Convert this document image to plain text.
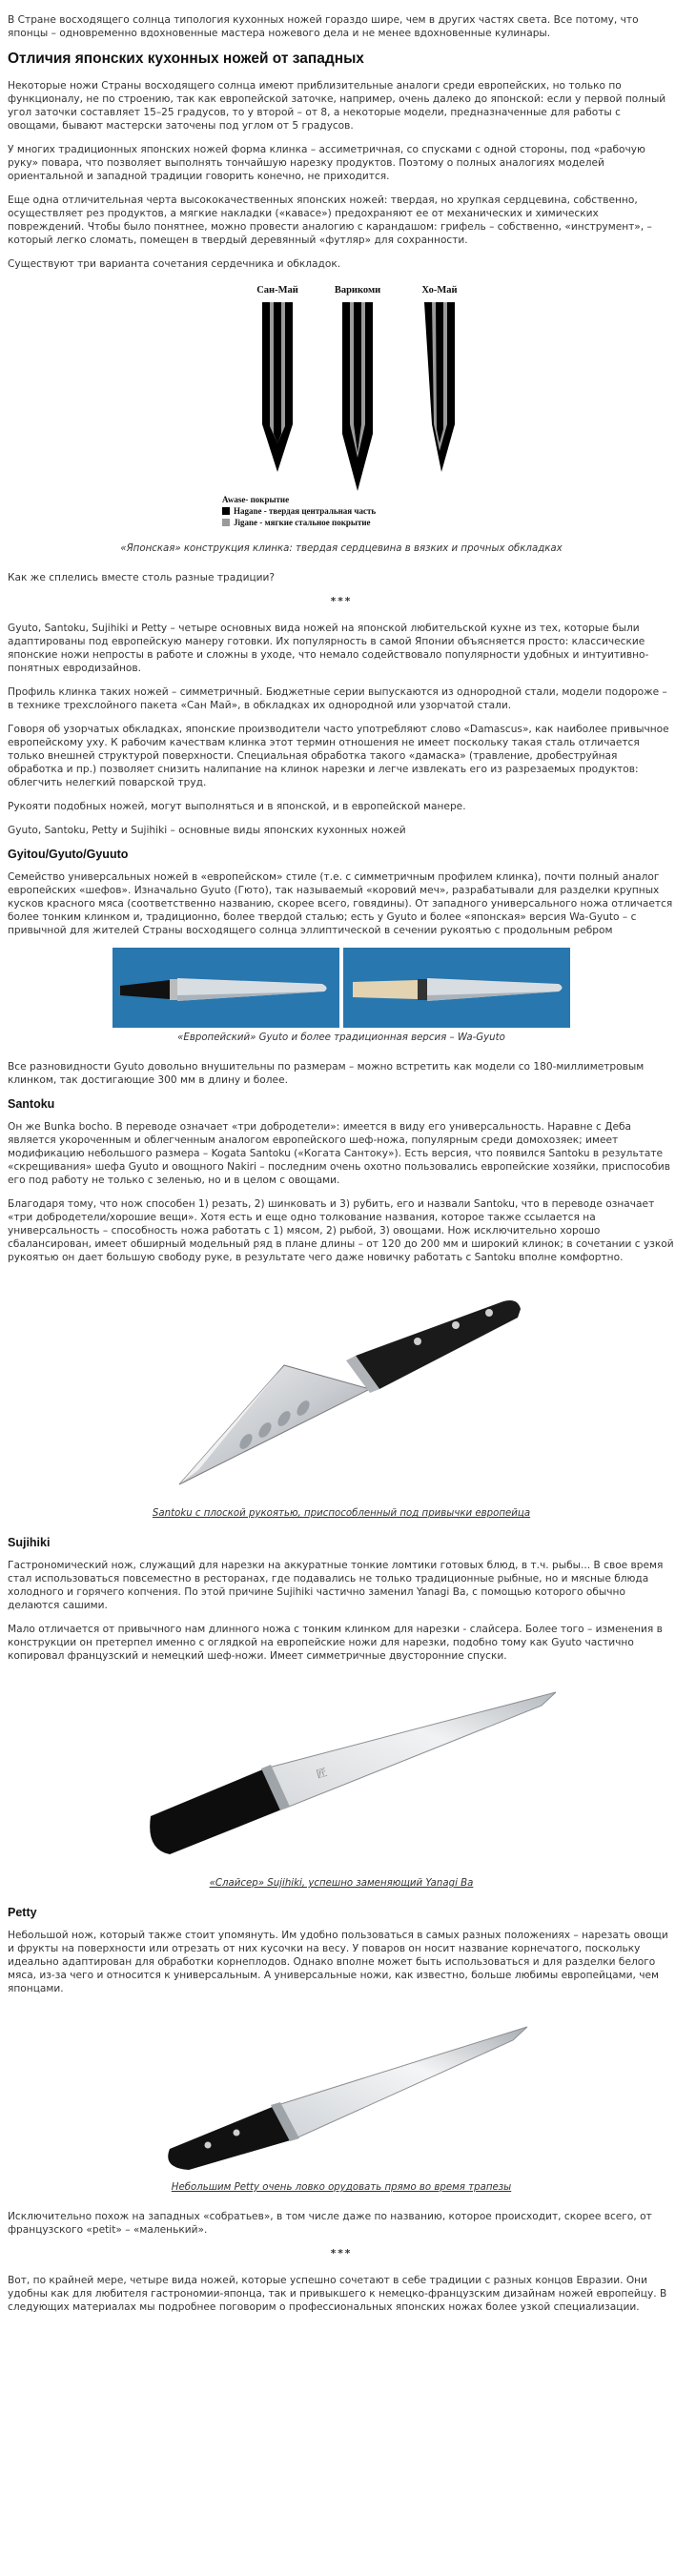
В Стране восходящего солнца типология кухонных ножей гораздо шире, чем в других частях света. Все потому, что японцы – одновременно вдохновенные мастера ножевого дела и не менее вдохновенные кулинары.

Отличия японских кухонных ножей от западных

Некоторые ножи Страны восходящего солнца имеют приблизительные аналоги среди европейских, но только по функционалу, не по строению, так как европейской заточке, например, очень далеко до японской: если у первой полный угол заточки составляет 15–25 градусов, то у второй – от 8, а некоторые модели, предназначенные для работы с овощами, бывают мастерски заточены под углом от 5 градусов.

У многих традиционных японских ножей форма клинка – ассиметричная, со спусками с одной стороны, под «рабочую руку» повара, что позволяет выполнять тончайшую нарезку продуктов. Поэтому о полных аналогиях моделей ориентальной и западной традиции говорить конечно, не приходится.

Еще одна отличительная черта высококачественных японских ножей: твердая, но хрупкая сердцевина, собственно, осуществляет рез продуктов, а мягкие накладки («кавасе») предохраняют ее от механических и химических повреждений. Чтобы было понятнее, можно провести аналогию с карандашом: грифель – собственно, «инструмент», – который легко сломать, помещен в твердый деревянный «футляр» для сохранности.

Существуют три варианта сочетания сердечника и обкладок.

Сан-Май	Варикоми	Хо-Май
Awase- покрытие
Hagane - твердая центральная часть
Jigane - мягкие стальное покрытие
«Японская» конструкция клинка: твердая сердцевина в вязких и прочных обкладках

Как же сплелись вместе столь разные традиции?

***

Gyuto, Santoku, Sujihiki и Petty – четыре основных вида ножей на японской любительской кухне из тех, которые были адаптированы под европейскую манеру готовки. Их популярность в самой Японии объясняется просто: классические японские ножи непросты в работе и сложны в уходе, что немало содействовало популярности удобных и интуитивно-понятных евродизайнов.

Профиль клинка таких ножей – симметричный. Бюджетные серии выпускаются из однородной стали, модели подороже – в технике трехслойного пакета «Сан Май», в обкладках их однородной или узорчатой стали.

Говоря об узорчатых обкладках, японские производители часто употребляют слово «Damascus», как наиболее привычное европейскому уху. К рабочим качествам клинка этот термин отношения не имеет поскольку такая сталь отличается только внешней структурой поверхности. Специальная обработка такого «дамаска» (травление, дробеструйная обработка и пр.) позволяет снизить налипание на клинок нарезки и легче извлекать его из разрезаемых продуктов: облегчить нелегкий поварской труд.

Рукояти подобных ножей, могут выполняться и в японской, и в европейской манере.

Gyuto, Santoku, Petty и Sujihiki – основные виды японских кухонных ножей

Gyitou/Gyuto/Gyuuto

Семейство универсальных ножей в «европейском» стиле (т.е. с симметричным профилем клинка), почти полный аналог европейских «шефов». Изначально Gyuto (Гюто), так называемый «коровий меч», разрабатывали для разделки крупных кусков красного мяса (соответственно названию, скорее всего, говядины). От западного универсального ножа отличается более тонким клинком и, традиционно, более твердой сталью; есть у Gyuto и более «японская» версия Wa-Gyuto – с привычной для жителей Страны восходящего солнца эллиптической в сечении рукоятью с продольным ребром

«Европейский» Gyuto и более традиционная версия – Wa-Gyuto

Все разновидности Gyuto довольно внушительны по размерам – можно встретить как модели со 180-миллиметровым клинком, так достигающие 300 мм в длину и более.

Santoku

Он же Bunka bocho. В переводе означает «три добродетели»: имеется в виду его универсальность. Наравне с Деба является укороченным и облегченным аналогом европейского шеф-ножа, популярным среди домохозяек; имеет модификацию небольшого размера – Kogata Santoku («Когата Сантоку»). Есть версия, что появился Santoku в результате «скрещивания» шефа Gyuto и овощного Nakiri – последним очень охотно пользовались европейские хозяйки, приспособив его под работу не только с зеленью, но и в целом с овощами.

Благодаря тому, что нож способен 1) резать, 2) шинковать и 3) рубить, его и назвали Santoku, что в переводе означает «три добродетели/хорошие вещи». Хотя есть и еще одно толкование названия, которое также ссылается на универсальность – способность ножа работать с 1) мясом, 2) рыбой, 3) овощами. Нож исключительно хорошо сбалансирован, имеет обширный модельный ряд в плане длины – от 120 до 200 мм и широкий клинок; в сочетании с узкой рукоятью он дает большую свободу руке, в результате чего даже новичку работать с Santoku вполне комфортно.

Santoku с плоской рукоятью, приспособленный под привычки европейца
Sujihiki

Гастрономический нож, служащий для нарезки на аккуратные тонкие ломтики готовых блюд, в т.ч. рыбы... В свое время стал использоваться повсеместно в ресторанах, где подавались не только традиционные рыбные, но и мясные блюда холодного и горячего копчения. По этой причине Sujihiki частично заменил Yanagi Ba, с помощью которого обычно делаются сашими.

Мало отличается от привычного нам длинного ножа с тонким клинком для нарезки - слайсера. Более того – изменения в конструкции он претерпел именно с оглядкой на европейские ножи для нарезки, подобно тому как Gyuto частично копировал французский и немецкий шеф-ножи. Имеет симметричные двусторонние спуски.

匠
«Слайсер» Sujihiki, успешно заменяющий Yanagi Ba
Petty

Небольшой нож, который также стоит упомянуть. Им удобно пользоваться в самых разных положениях – нарезать овощи и фрукты на поверхности или отрезать от них кусочки на весу. У поваров он носит название корнечатого, поскольку идеально адаптирован для обработки корнеплодов. Однако вполне может быть использоваться и для разделки белого мяса, из-за чего и относится к универсальным. А универсальные ножи, как известно, больше любимы европейцами, чем японцами.

Небольшим Petty очень ловко орудовать прямо во время трапезы

Исключительно похож на западных «собратьев», в том числе даже по названию, которое происходит, скорее всего, от французского «petit» – «маленький».

***

Вот, по крайней мере, четыре вида ножей, которые успешно сочетают в себе традиции с разных концов Евразии. Они удобны как для любителя гастрономии-японца, так и привыкшего к немецко-французским дизайнам ножей европейцу. В следующих материалах мы подробнее поговорим о профессиональных японских ножах более узкой специализации.
